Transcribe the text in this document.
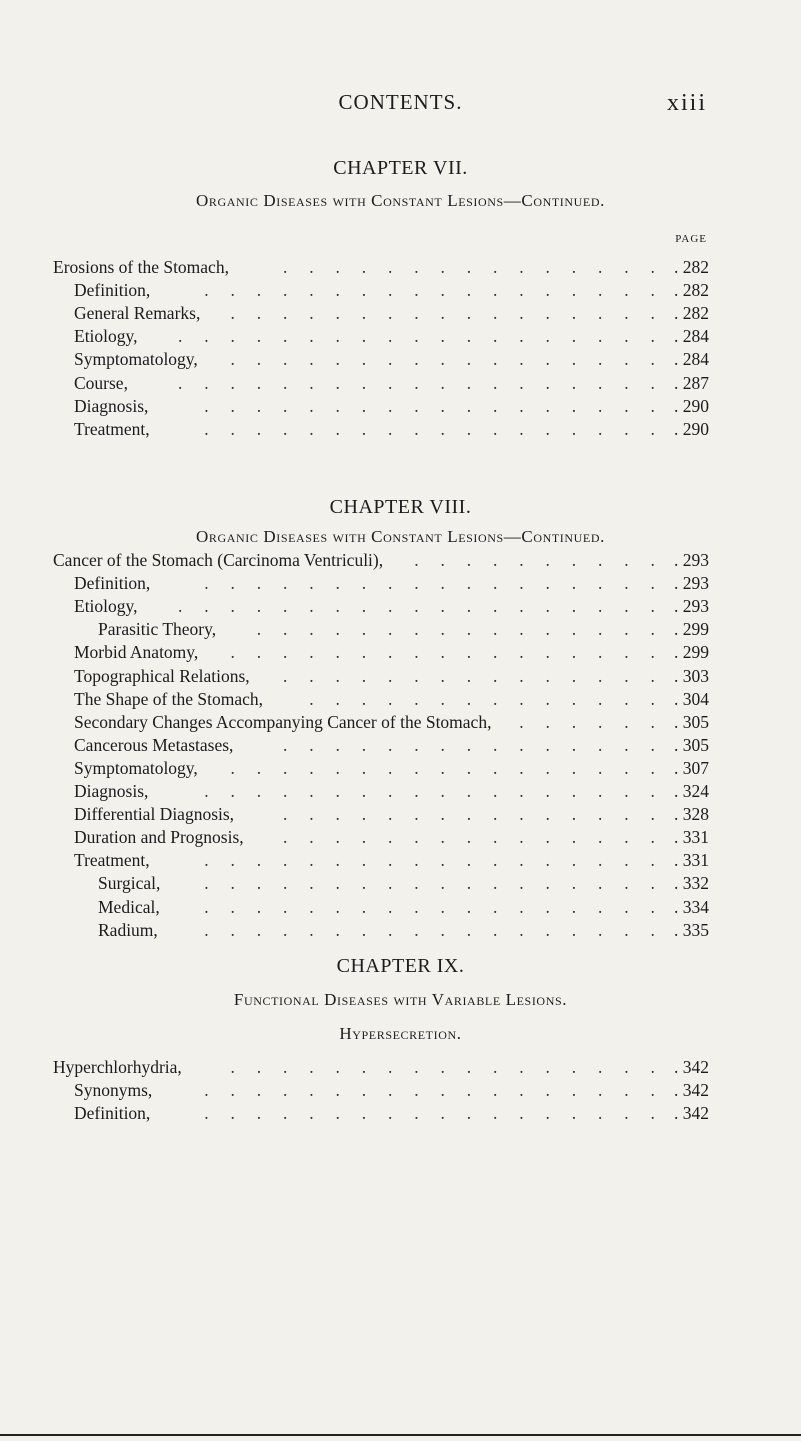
CONTENTS.	xiii
CHAPTER VII.
Organic Diseases with Constant Lesions—Continued.
PAGE
Erosions of the Stomach,	.     .     .     .     .     .     .     .     .     .     .     .     .     .     . . 282
Definition,	.     .     .     .     .     .     .     .     .     .     .     .     .     .     .     .     .     . . 282
General Remarks,	.     .     .     .     .     .     .     .     .     .     .     .     .     .     .     .     . . 282
Etiology,	.     .     .     .     .     .     .     .     .     .     .     .     .     .     .     .     .     .     . . 284
Symptomatology,	.     .     .     .     .     .     .     .     .     .     .     .     .     .     .     .     . . 284
Course,	.     .     .     .     .     .     .     .     .     .     .     .     .     .     .     .     .     .     . . 287
Diagnosis,	.     .     .     .     .     .     .     .     .     .     .     .     .     .     .     .     .     . . 290
Treatment,	.     .     .     .     .     .     .     .     .     .     .     .     .     .     .     .     .     . . 290
CHAPTER VIII.
Organic Diseases with Constant Lesions—Continued.
Cancer of the Stomach (Carcinoma Ventriculi),	.     .     .     .     .     .     .     .     .     . . 293
Definition,	.     .     .     .     .     .     .     .     .     .     .     .     .     .     .     .     .     . . 293
Etiology,	.     .     .     .     .     .     .     .     .     .     .     .     .     .     .     .     .     .     . . 293
Parasitic Theory,	.     .     .     .     .     .     .     .     .     .     .     .     .     .     .     . . 299
Morbid Anatomy,	.     .     .     .     .     .     .     .     .     .     .     .     .     .     .     .     . . 299
Topographical Relations,	.     .     .     .     .     .     .     .     .     .     .     .     .     .     . . 303
The Shape of the Stomach,	.     .     .     .     .     .     .     .     .     .     .     .     .     . . 304
Secondary Changes Accompanying Cancer of the Stomach,	.     .     .     .     .     . . 305
Cancerous Metastases,	.     .     .     .     .     .     .     .     .     .     .     .     .     .     . . 305
Symptomatology,	.     .     .     .     .     .     .     .     .     .     .     .     .     .     .     .     . . 307
Diagnosis,	.     .     .     .     .     .     .     .     .     .     .     .     .     .     .     .     .     . . 324
Differential Diagnosis,	.     .     .     .     .     .     .     .     .     .     .     .     .     .     . . 328
Duration and Prognosis,	.     .     .     .     .     .     .     .     .     .     .     .     .     .     . . 331
Treatment,	.     .     .     .     .     .     .     .     .     .     .     .     .     .     .     .     .     . . 331
Surgical,	.     .     .     .     .     .     .     .     .     .     .     .     .     .     .     .     .     . . 332
Medical,	.     .     .     .     .     .     .     .     .     .     .     .     .     .     .     .     .     . . 334
Radium,	.     .     .     .     .     .     .     .     .     .     .     .     .     .     .     .     .     . . 335
CHAPTER IX.
Functional Diseases with Variable Lesions.
Hypersecretion.
Hyperchlorhydria,	.     .     .     .     .     .     .     .     .     .     .     .     .     .     .     .     . . 342
Synonyms,	.     .     .     .     .     .     .     .     .     .     .     .     .     .     .     .     .     . . 342
Definition,	.     .     .     .     .     .     .     .     .     .     .     .     .     .     .     .     .     . . 342
